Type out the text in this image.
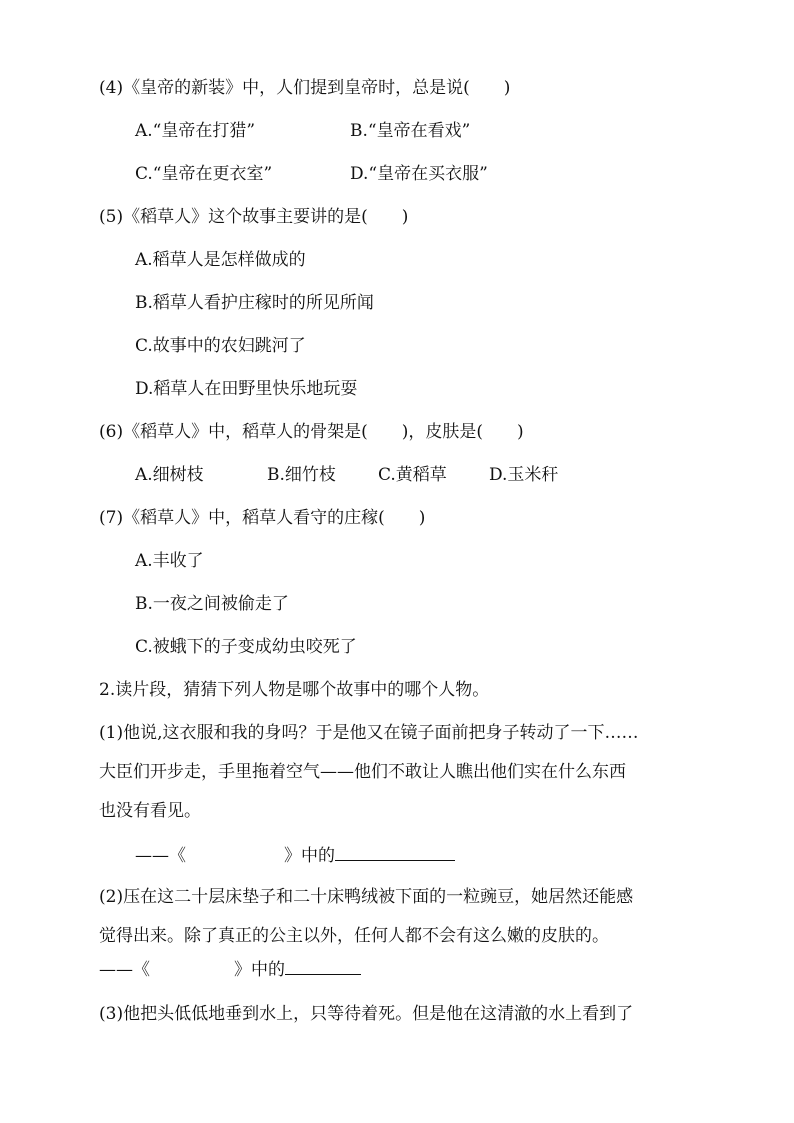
(4)《皇帝的新装》中，人们提到皇帝时，总是说(　　)
A.“皇帝在打猎”	B.“皇帝在看戏”
C.“皇帝在更衣室”	D.“皇帝在买衣服”
(5)《稻草人》这个故事主要讲的是(　　)
A.稻草人是怎样做成的
B.稻草人看护庄稼时的所见所闻
C.故事中的农妇跳河了
D.稻草人在田野里快乐地玩耍
(6)《稻草人》中，稻草人的骨架是(　　)，皮肤是(　　)
A.细树枝	B.细竹枝 C.黄稻草 D.玉米秆
(7)《稻草人》中，稻草人看守的庄稼(　　)
A.丰收了
B.一夜之间被偷走了
C.被蛾下的子变成幼虫咬死了
2.读片段，猜猜下列人物是哪个故事中的哪个人物。
(1)他说,这衣服和我的身吗？于是他又在镜子面前把身子转动了一下……
大臣们开步走，手里拖着空气——他们不敢让人瞧出他们实在什么东西
也没有看见。
——《	》中的
(2)压在这二十层床垫子和二十床鸭绒被下面的一粒豌豆，她居然还能感
觉得出来。除了真正的公主以外，任何人都不会有这么嫩的皮肤的。
——《	》中的
(3)他把头低低地垂到水上，只等待着死。但是他在这清澈的水上看到了
